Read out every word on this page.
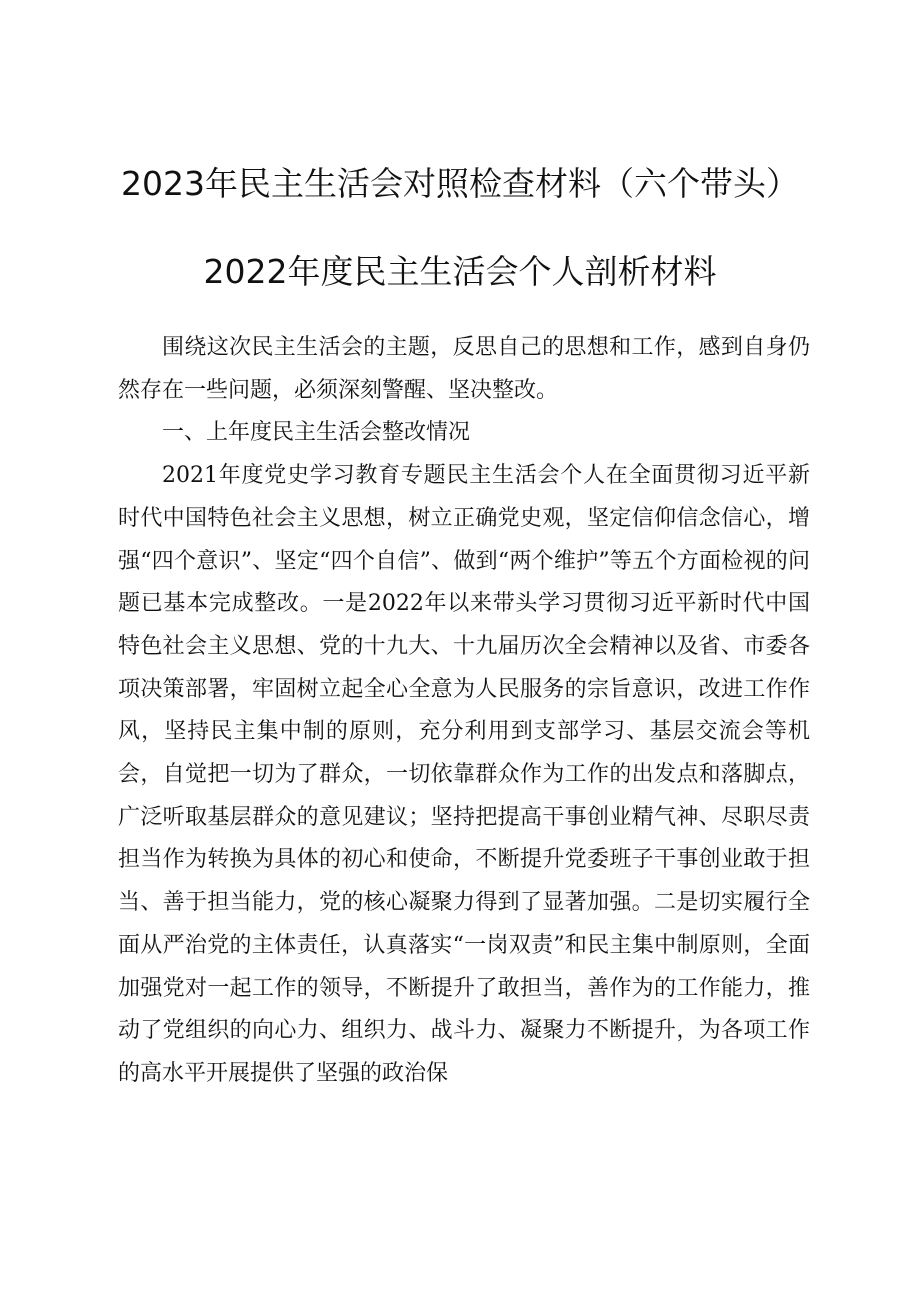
2023年民主生活会对照检查材料（六个带头）
2022年度民主生活会个人剖析材料

围绕这次民主生活会的主题，反思自己的思想和工作，感到自身仍然存在一些问题，必须深刻警醒、坚决整改。

一、上年度民主生活会整改情况

2021年度党史学习教育专题民主生活会个人在全面贯彻习近平新时代中国特色社会主义思想，树立正确党史观，坚定信仰信念信心，增强“四个意识”、坚定“四个自信”、做到“两个维护”等五个方面检视的问题已基本完成整改。一是2022年以来带头学习贯彻习近平新时代中国特色社会主义思想、党的十九大、十九届历次全会精神以及省、市委各项决策部署，牢固树立起全心全意为人民服务的宗旨意识，改进工作作风，坚持民主集中制的原则，充分利用到支部学习、基层交流会等机会，自觉把一切为了群众，一切依靠群众作为工作的出发点和落脚点，广泛听取基层群众的意见建议；坚持把提高干事创业精气神、尽职尽责担当作为转换为具体的初心和使命，不断提升党委班子干事创业敢于担当、善于担当能力，党的核心凝聚力得到了显著加强。二是切实履行全面从严治党的主体责任，认真落实“一岗双责”和民主集中制原则，全面加强党对一起工作的领导，不断提升了敢担当，善作为的工作能力，推动了党组织的向心力、组织力、战斗力、凝聚力不断提升，为各项工作的高水平开展提供了坚强的政治保
